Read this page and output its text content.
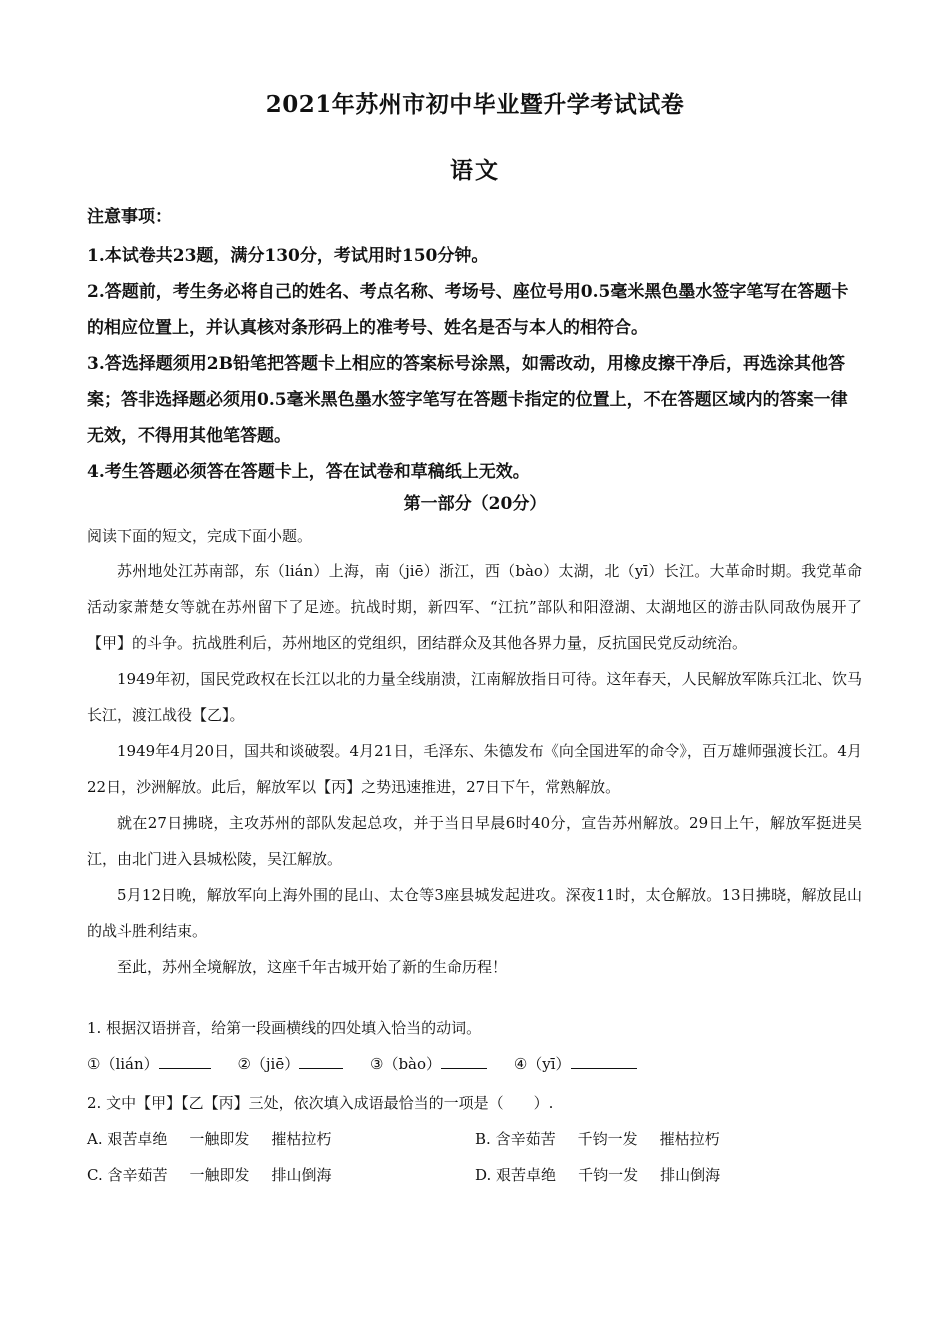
2021年苏州市初中毕业暨升学考试试卷
语文
注意事项：

1.本试卷共23题，满分130分，考试用时150分钟。

2.答题前，考生务必将自己的姓名、考点名称、考场号、座位号用0.5毫米黑色墨水签字笔写在答题卡的相应位置上，并认真核对条形码上的准考号、姓名是否与本人的相符合。

3.答选择题须用2B铅笔把答题卡上相应的答案标号涂黑，如需改动，用橡皮擦干净后，再选涂其他答案；答非选择题必须用0.5毫米黑色墨水签字笔写在答题卡指定的位置上，不在答题区域内的答案一律无效，不得用其他笔答题。

4.考生答题必须答在答题卡上，答在试卷和草稿纸上无效。

第一部分（20分）
阅读下面的短文，完成下面小题。

苏州地处江苏南部，东（lián）上海，南（jiē）浙江，西（bào）太湖，北（yī）长江。大革命时期。我党革命活动家萧楚女等就在苏州留下了足迹。抗战时期，新四军、“江抗”部队和阳澄湖、太湖地区的游击队同敌伪展开了【甲】的斗争。抗战胜利后，苏州地区的党组织，团结群众及其他各界力量，反抗国民党反动统治。

1949年初，国民党政权在长江以北的力量全线崩溃，江南解放指日可待。这年春天，人民解放军陈兵江北、饮马长江，渡江战役【乙】。

1949年4月20日，国共和谈破裂。4月21日，毛泽东、朱德发布《向全国进军的命令》，百万雄师强渡长江。4月22日，沙洲解放。此后，解放军以【丙】之势迅速推进，27日下午，常熟解放。

就在27日拂晓，主攻苏州的部队发起总攻，并于当日早晨6时40分，宣告苏州解放。29日上午，解放军挺进吴江，由北门进入县城松陵，吴江解放。

5月12日晚，解放军向上海外围的昆山、太仓等3座县城发起进攻。深夜11时，太仓解放。13日拂晓，解放昆山的战斗胜利结束。

至此，苏州全境解放，这座千年古城开始了新的生命历程！

1. 根据汉语拼音，给第一段画横线的四处填入恰当的动词。
①（lián）	②（jiē）	③（bào）	④（yī）
2. 文中【甲】【乙【丙】三处，依次填入成语最恰当的一项是（　　）.
A. 艰苦卓绝 一触即发 摧枯拉朽	B. 含辛茹苦 千钧一发 摧枯拉朽
C. 含辛茹苦 一触即发 排山倒海	D. 艰苦卓绝 千钧一发 排山倒海
